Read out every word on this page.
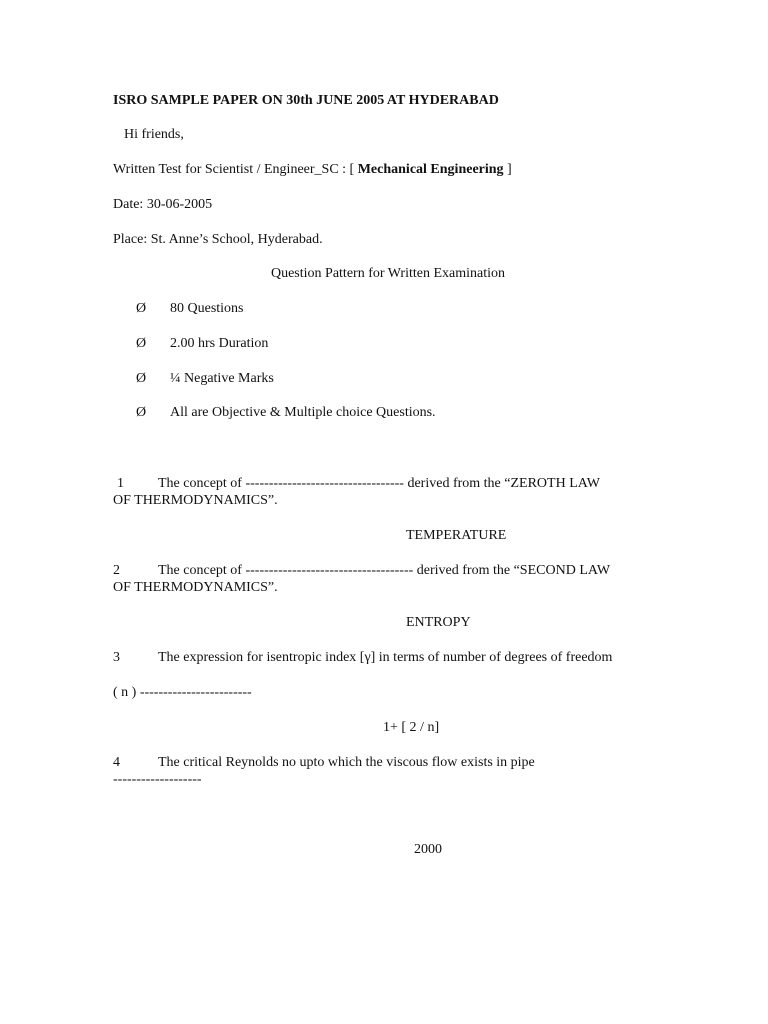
ISRO SAMPLE PAPER ON 30th JUNE 2005 AT HYDERABAD
Hi friends,
Written Test for Scientist / Engineer_SC : [ Mechanical Engineering ]
Date: 30-06-2005
Place: St. Anne’s School, Hyderabad.
Question Pattern for Written Examination
Ø 80 Questions
Ø 2.00 hrs Duration
Ø ¼ Negative Marks
Ø All are Objective & Multiple choice Questions.
1 The concept of ---------------------------------- derived from the “ZEROTH LAW
OF THERMODYNAMICS”.
TEMPERATURE
2	The concept of ------------------------------------ derived from the “SECOND LAW
OF THERMODYNAMICS”.
ENTROPY
3	The expression for isentropic index [γ] in terms of number of degrees of freedom
( n ) ------------------------
1+ [ 2 / n]
4	The critical Reynolds no upto which the viscous flow exists in pipe
-------------------
2000
